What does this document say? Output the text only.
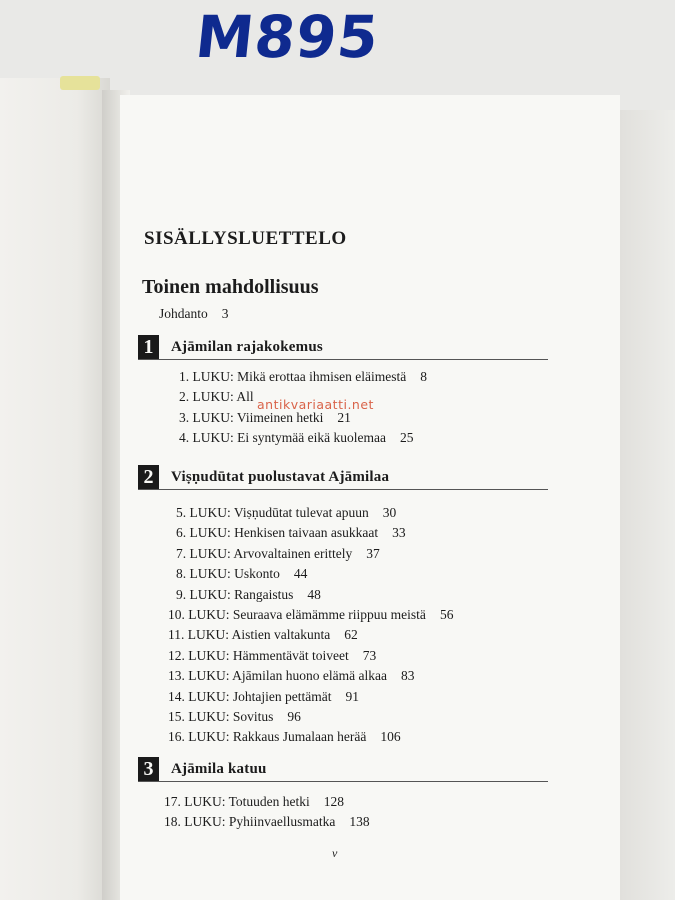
M895
SISÄLLYSLUETTELO
Toinen mahdollisuus
Johdanto 3
1	Ajāmilan rajakokemus
1. LUKU: Mikä erottaa ihmisen eläimestä 8
2. LUKU: All
3. LUKU: Viimeinen hetki 21
4. LUKU: Ei syntymää eikä kuolemaa 25
2	Viṣṇudūtat puolustavat Ajāmilaa
5. LUKU: Viṣṇudūtat tulevat apuun 30
6. LUKU: Henkisen taivaan asukkaat 33
7. LUKU: Arvovaltainen erittely 37
8. LUKU: Uskonto 44
9. LUKU: Rangaistus 48
10. LUKU: Seuraava elämämme riippuu meistä 56
11. LUKU: Aistien valtakunta 62
12. LUKU: Hämmentävät toiveet 73
13. LUKU: Ajāmilan huono elämä alkaa 83
14. LUKU: Johtajien pettämät 91
15. LUKU: Sovitus 96
16. LUKU: Rakkaus Jumalaan herää 106
3	Ajāmila katuu
17. LUKU: Totuuden hetki 128
18. LUKU: Pyhiinvaellusmatka 138
antikvariaatti.net
v
